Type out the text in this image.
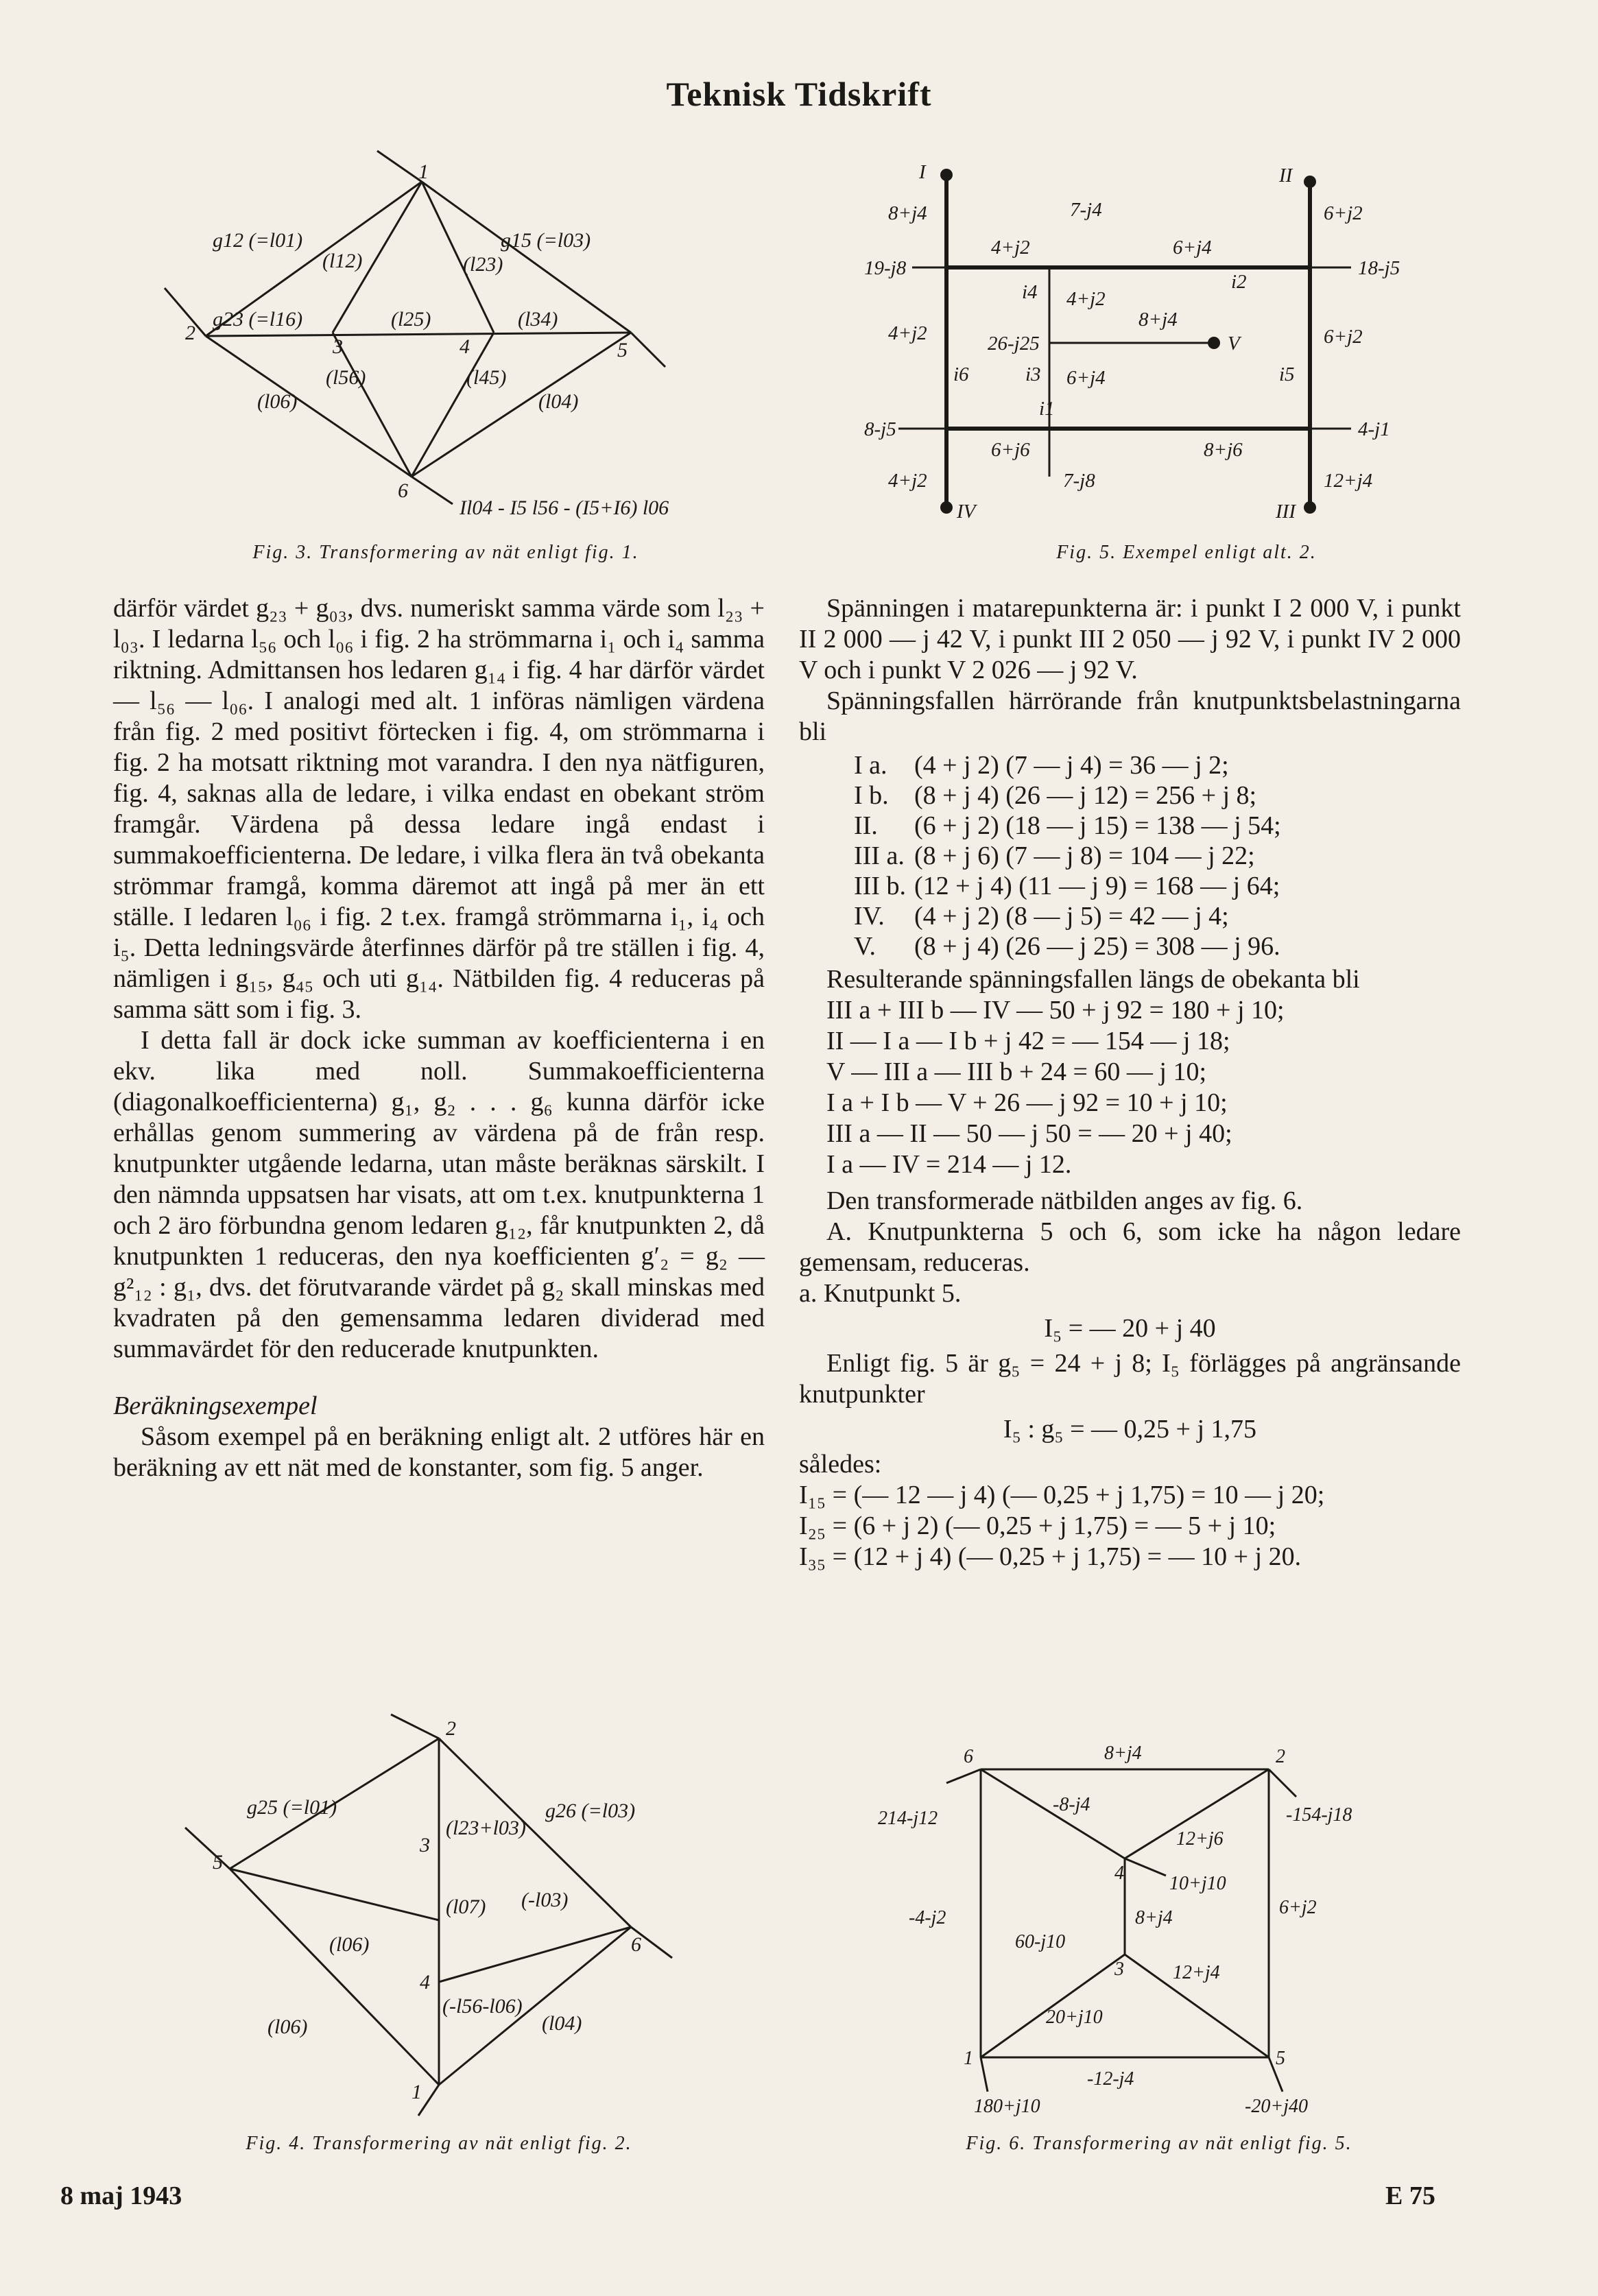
Teknisk Tidskrift
1
2
3	4	5
6
g12 (=l01)	g15 (=l03)
(l12)	(l23)
g23 (=l16)	(l25)	(l34)
(l56)	(l45)
(l06)	(l04)
Il04 - I5 l56 - (I5+I6) l06
Fig. 3. Transformering av nät enligt fig. 1.
I	II
III
IV
V
8+j4	6+j2
7-j4
4+j2	6+j4
19-j8	18-j5
i4	i2
4+j2
8+j4
4+j2	26-j25	6+j2
i6	i3 6+j4	i5
i1
8-j5	4-j1
6+j6	8+j6
7-j8
4+j2	12+j4
Fig. 5. Exempel enligt alt. 2.

därför värdet g₂₃ + g₀₃, dvs. numeriskt samma värde som l₂₃ + l₀₃. I ledarna l₅₆ och l₀₆ i fig. 2 ha strömmarna i₁ och i₄ samma riktning. Admittansen hos ledaren g₁₄ i fig. 4 har därför värdet — l₅₆ — l₀₆. I analogi med alt. 1 införas nämligen värdena från fig. 2 med positivt förtecken i fig. 4, om strömmarna i fig. 2 ha motsatt riktning mot varandra. I den nya nätfiguren, fig. 4, saknas alla de ledare, i vilka endast en obekant ström framgår. Värdena på dessa ledare ingå endast i summakoefficienterna. De ledare, i vilka flera än två obekanta strömmar framgå, komma däremot att ingå på mer än ett ställe. I ledaren l₀₆ i fig. 2 t.ex. framgå strömmarna i₁, i₄ och i₅. Detta ledningsvärde återfinnes därför på tre ställen i fig. 4, nämligen i g₁₅, g₄₅ och uti g₁₄. Nätbilden fig. 4 reduceras på samma sätt som i fig. 3.

I detta fall är dock icke summan av koefficienterna i en ekv. lika med noll. Summakoefficienterna (diagonalkoefficienterna) g₁, g₂ . . . g₆ kunna därför icke erhållas genom summering av värdena på de från resp. knutpunkter utgående ledarna, utan måste beräknas särskilt. I den nämnda uppsatsen har visats, att om t.ex. knutpunkterna 1 och 2 äro förbundna genom ledaren g₁₂, får knutpunkten 2, då knutpunkten 1 reduceras, den nya koefficienten g′₂ = g₂ — g²₁₂ : g₁, dvs. det förutvarande värdet på g₂ skall minskas med kvadraten på den gemensamma ledaren dividerad med summavärdet för den reducerade knutpunkten.

Beräkningsexempel

Såsom exempel på en beräkning enligt alt. 2 utföres här en beräkning av ett nät med de konstanter, som fig. 5 anger.

Spänningen i matarepunkterna är: i punkt I 2 000 V, i punkt II 2 000 — j 42 V, i punkt III 2 050 — j 92 V, i punkt IV 2 000 V och i punkt V 2 026 — j 92 V.

Spänningsfallen härrörande från knutpunktsbelastningarna bli

I a.	(4 + j 2) (7 — j 4) = 36 — j 2;
I b.	(8 + j 4) (26 — j 12) = 256 + j 8;
II.	(6 + j 2) (18 — j 15) = 138 — j 54;
III a.	(8 + j 6) (7 — j 8) = 104 — j 22;
III b.	(12 + j 4) (11 — j 9) = 168 — j 64;
IV.	(4 + j 2) (8 — j 5) = 42 — j 4;
V.	(8 + j 4) (26 — j 25) = 308 — j 96.

Resulterande spänningsfallen längs de obekanta bli

III a + III b — IV — 50 + j 92 = 180 + j 10;

II — I a — I b + j 42 = — 154 — j 18;

V — III a — III b + 24 = 60 — j 10;

I a + I b — V + 26 — j 92 = 10 + j 10;

III a — II — 50 — j 50 = — 20 + j 40;

I a — IV = 214 — j 12.

Den transformerade nätbilden anges av fig. 6.

A. Knutpunkterna 5 och 6, som icke ha någon ledare gemensam, reduceras.

a. Knutpunkt 5.

I₅ = — 20 + j 40

Enligt fig. 5 är g₅ = 24 + j 8; I₅ förlägges på angränsande knutpunkter

I₅ : g₅ = — 0,25 + j 1,75

således:

I₁₅ = (— 12 — j 4) (— 0,25 + j 1,75) = 10 — j 20;

I₂₅ = (6 + j 2) (— 0,25 + j 1,75) = — 5 + j 10;

I₃₅ = (12 + j 4) (— 0,25 + j 1,75) = — 10 + j 20.

2
3
4
5
6
1
g25 (=l01)	g26 (=l03)
(l23+l03)
(l07) (-l03)
(l06)
(-l56-l06)
(l06)	(l04)
Fig. 4. Transformering av nät enligt fig. 2.
6	2
4
3
1	5
8+j4
214-j12
-8-j4	-154-j18
12+j6
10+j10
6+j2
-4-j2	8+j4
60-j10
12+j4
20+j10
-12-j4
180+j10	-20+j40
Fig. 6. Transformering av nät enligt fig. 5.
8 maj 1943	E 75
